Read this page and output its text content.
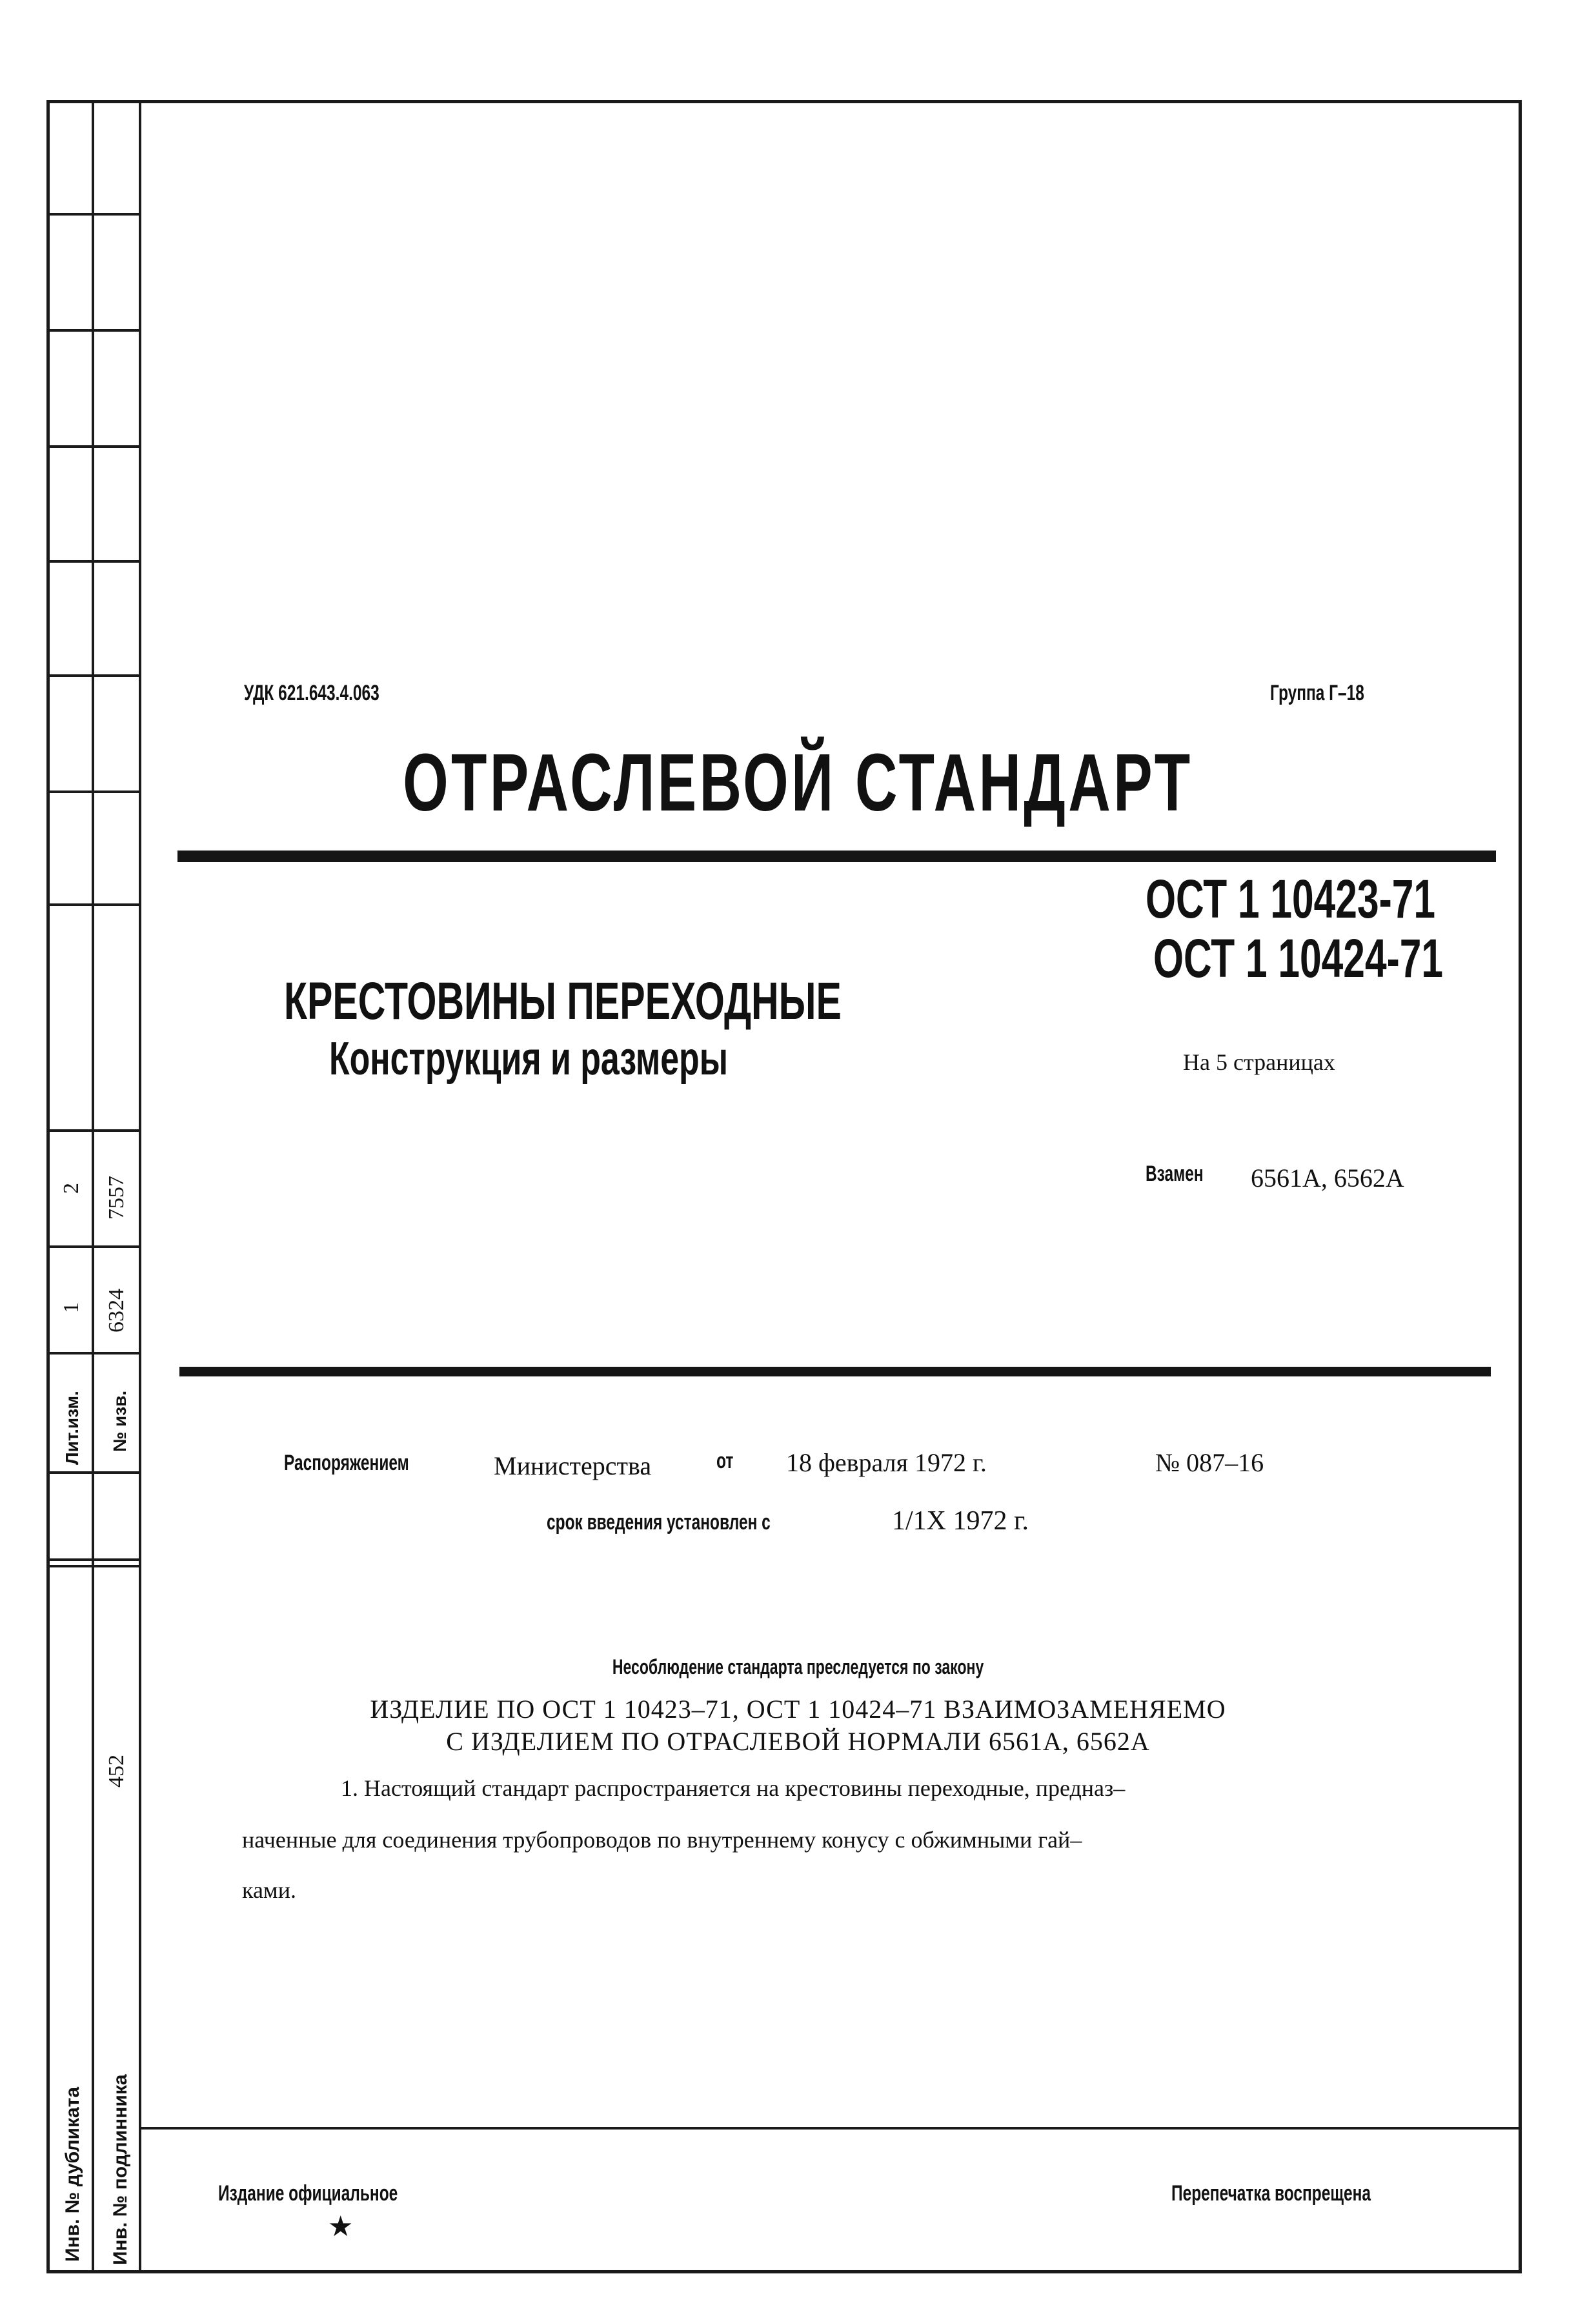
2 7557
1 6324
Лит.изм. № изв.
452
Инв. № дубликата Инв. № подлинника
УДК 621.643.4.063	Группа Г–18
ОТРАСЛЕВОЙ СТАНДАРТ
ОСТ 1 10423-71
ОСТ 1 10424-71
КРЕСТОВИНЫ ПЕРЕХОДНЫЕ
Конструкция и размеры	На 5 страницах
Взамен	6561А, 6562А
Распоряжением	Министерства	от 18 февраля 1972 г.	№ 087–16
срок введения установлен с	1/1Х 1972 г.
Несоблюдение стандарта преследуется по закону
ИЗДЕЛИЕ ПО ОСТ 1 10423–71, ОСТ 1 10424–71 ВЗАИМОЗАМЕНЯЕМО
С ИЗДЕЛИЕМ ПО ОТРАСЛЕВОЙ НОРМАЛИ 6561А, 6562А
1. Настоящий стандарт распространяется на крестовины переходные, предназ–
наченные для соединения трубопроводов по внутреннему конусу с обжимными гай–
ками.
Издание официальное
★
Перепечатка воспрещена
